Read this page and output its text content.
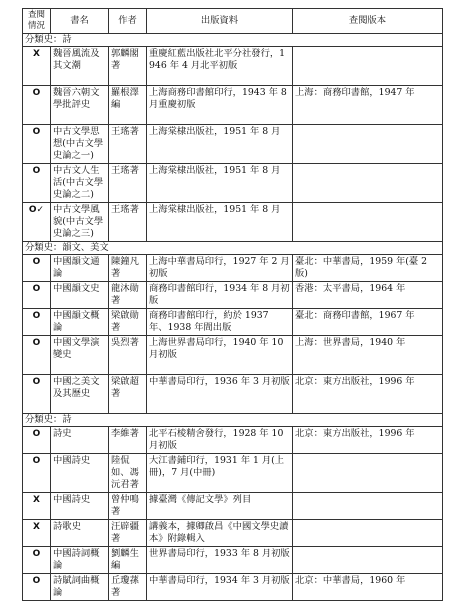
查閱情況	書名	作者	出版資料	查閱版本
分類史：詩				
X	魏晉風流及其文潮	郭麟閣著	重慶紅藍出版社北平分社發行，1946 年 4 月北平初版	
O	魏晉六朝文學批評史	羅根澤編	上海商務印書館印行，1943 年 8 月重慶初版	上海：商務印書館，1947 年
O	中古文學思想(中古文學史論之一)	王瑤著	上海棠棣出版社，1951 年 8 月	
O	中古文人生活(中古文學史論之二)	王瑤著	上海棠棣出版社，1951 年 8 月	
O✓	中古文學風貌(中古文學史論之三)	王瑤著	上海棠棣出版社，1951 年 8 月	
分類史：韻文、美文				
O	中國韻文通論	陳鐘凡著	上海中華書局印行，1927 年 2 月初版	臺北：中華書局，1959 年(臺 2 版)
O	中國韻文史	龍沐勛著	商務印書館印行，1934 年 8 月初版	香港：太平書局，1964 年
O	中國韻文概論	梁啟勛著	商務印書館印行，約於 1937 年、1938 年間出版	臺北：商務印書館，1967 年
O	中國文學演變史	吳烈著	上海世界書局印行，1940 年 10 月初版	上海：世界書局，1940 年
O	中國之美文及其歷史	梁啟超著	中華書局印行，1936 年 3 月初版	北京：東方出版社，1996 年
分類史：詩				
O	詩史	李維著	北平石棱精舍發行，1928 年 10 月初版	北京：東方出版社，1996 年
O	中國詩史	陸侃如、馮沅君著	大江書鋪印行，1931 年 1 月(上冊)，7 月(中冊)	
X	中國詩史	曾仲鳴著	據臺灣《傳記文學》列目	
X	詩歌史	汪辟疆著	講義本，據卿啟昌《中國文學史讀本》附錄輯入	
O	中國詩詞概論	劉麟生編	世界書局印行，1933 年 8 月初版	
O	詩賦詞曲概論	丘瓊蓀著	中華書局印行，1934 年 3 月初版	北京：中華書局，1960 年
